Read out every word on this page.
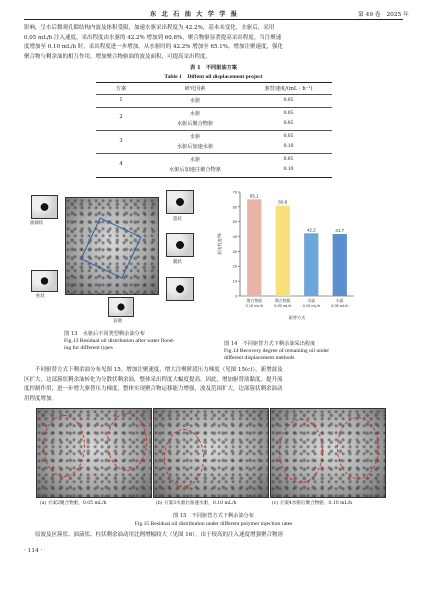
东 北 石 油 大 学 学 报	第 49 卷　2025 年
影响，呈水后微观孔隙结构内波及体积受限，加速水驱采出程度为 42.2%，基本未变化。水驱后，采用
0.05 mL/h 注入速度，采出程度由水驱的 42.2% 增加到 60.8%，聚合物驱显著提高采出程度。当注聚速
度增加至 0.10 mL/h 时，采出程度进一步增加，从水驱时的 42.2% 增加至 65.1%。增加注聚速度，强化
聚合物与剩余油的相互作用，增加聚合物驱油的波及面积，可提高采出程度。
表 1　不同驱油方案
Table 1　Diffent oil displacement project
方案	研究因素	驱替速度/(mL · h⁻¹)
1	水驱	0.05
2	水驱	0.05
水驱后聚合物驱	0.05
3
水驱	0.05
水驱后加速水驱	0.10
4
水驱	0.05
水驱后加速注聚合物驱	0.10
油滴状
簇状
膜状
柱状
盲端
图 13　水驱后不同类型剩余油分布
Fig.13 Residual oil distribution after water flood-
ing for different types
0
10
20
30
40
50
60
70
采出程度/%
65.1
聚合物驱
0.10 mL/h
60.8
聚合物驱
0.05 mL/h
42.2
水驱
0.10 mL/h
41.7
水驱
0.05 mL/h
驱替方式
图 14　不同驱替方式下剩余油采出程度
Fig.14 Recovery degree of remaining oil under
different displacement methods
不同驱替方式下剩余油分布见图 15。增加注聚速度，增大注聚阶段压力梯度（见图 15(c)），新增波及
区扩大，边部簇状剩余油转化为分散状剩余油，整体采出程度大幅度提高。因此，增加驱替液黏度、提升流
度控制作用，进一步增大驱替压力梯度，整体实现聚合物运移能力增强，波及范围扩大，边部簇状剩余油动
用程度增加。
(a) 方案2聚合物驱，0.05 mL/h	(b) 方案3水驱后加速水驱，0.10 mL/h	(c) 方案4水驱后聚合物驱，0.10 mL/h
图 15　不同驱替方式下剩余油分布
Fig.15 Residual oil distribution under different polymer injection rates
原波及区簇状、油滴状、柱状剩余油动用比例增幅较大（见图 16）。由于较高的注入速度增强聚合物溶
· 114 ·
